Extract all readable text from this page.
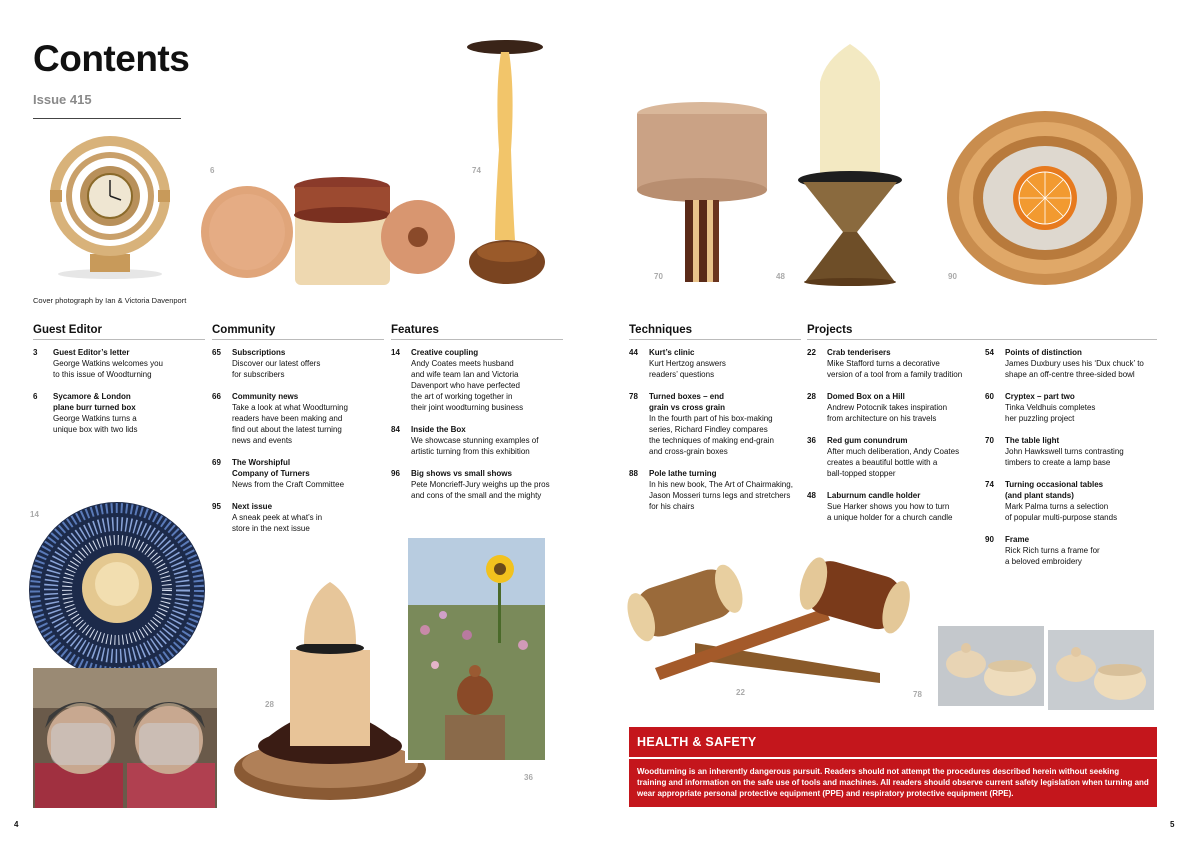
Contents
Issue 415
Cover photograph by Ian & Victoria Davenport
6	74
70	48	90
Guest Editor
3	Guest Editor’s letter
George Watkins welcomes you
to this issue of Woodturning
6	Sycamore & London
plane burr turned box
George Watkins turns a
unique box with two lids
Community
65	Subscriptions
Discover our latest offers
for subscribers
66	Community news
Take a look at what Woodturning
readers have been making and
find out about the latest turning
news and events
69	The Worshipful
Company of Turners
News from the Craft Committee
95	Next issue
A sneak peek at what’s in
store in the next issue
Features
14	Creative coupling
Andy Coates meets husband
and wife team Ian and Victoria
Davenport who have perfected
the art of working together in
their joint woodturning business
84	Inside the Box
We showcase stunning examples of
artistic turning from this exhibition
96	Big shows vs small shows
Pete Moncrieff-Jury weighs up the pros
and cons of the small and the mighty
Techniques
44	Kurt’s clinic
Kurt Hertzog answers
readers’ questions
78	Turned boxes – end
grain vs cross grain
In the fourth part of his box-making
series, Richard Findley compares
the techniques of making end-grain
and cross-grain boxes
88	Pole lathe turning
In his new book, The Art of Chairmaking,
Jason Mosseri turns legs and stretchers
for his chairs
Projects
22	Crab tenderisers
Mike Stafford turns a decorative
version of a tool from a family tradition
28	Domed Box on a Hill
Andrew Potocnik takes inspiration
from architecture on his travels
36	Red gum conundrum
After much deliberation, Andy Coates
creates a beautiful bottle with a
ball-topped stopper
48	Laburnum candle holder
Sue Harker shows you how to turn
a unique holder for a church candle
54	Points of distinction
James Duxbury uses his ‘Dux chuck’ to
shape an off-centre three-sided bowl
60	Cryptex – part two
Tinka Veldhuis completes
her puzzling project
70	The table light
John Hawkswell turns contrasting
timbers to create a lamp base
74	Turning occasional tables
(and plant stands)
Mark Palma turns a selection
of popular multi-purpose stands
90	Frame
Rick Rich turns a frame for
a beloved embroidery
14
28
36
22	78
HEALTH & SAFETY
Woodturning is an inherently dangerous pursuit. Readers should not attempt the procedures described herein without seeking training and information on the safe use of tools and machines. All readers should observe current safety legislation when turning and wear appropriate personal protective equipment (PPE) and respiratory protective equipment (RPE).
4	5
